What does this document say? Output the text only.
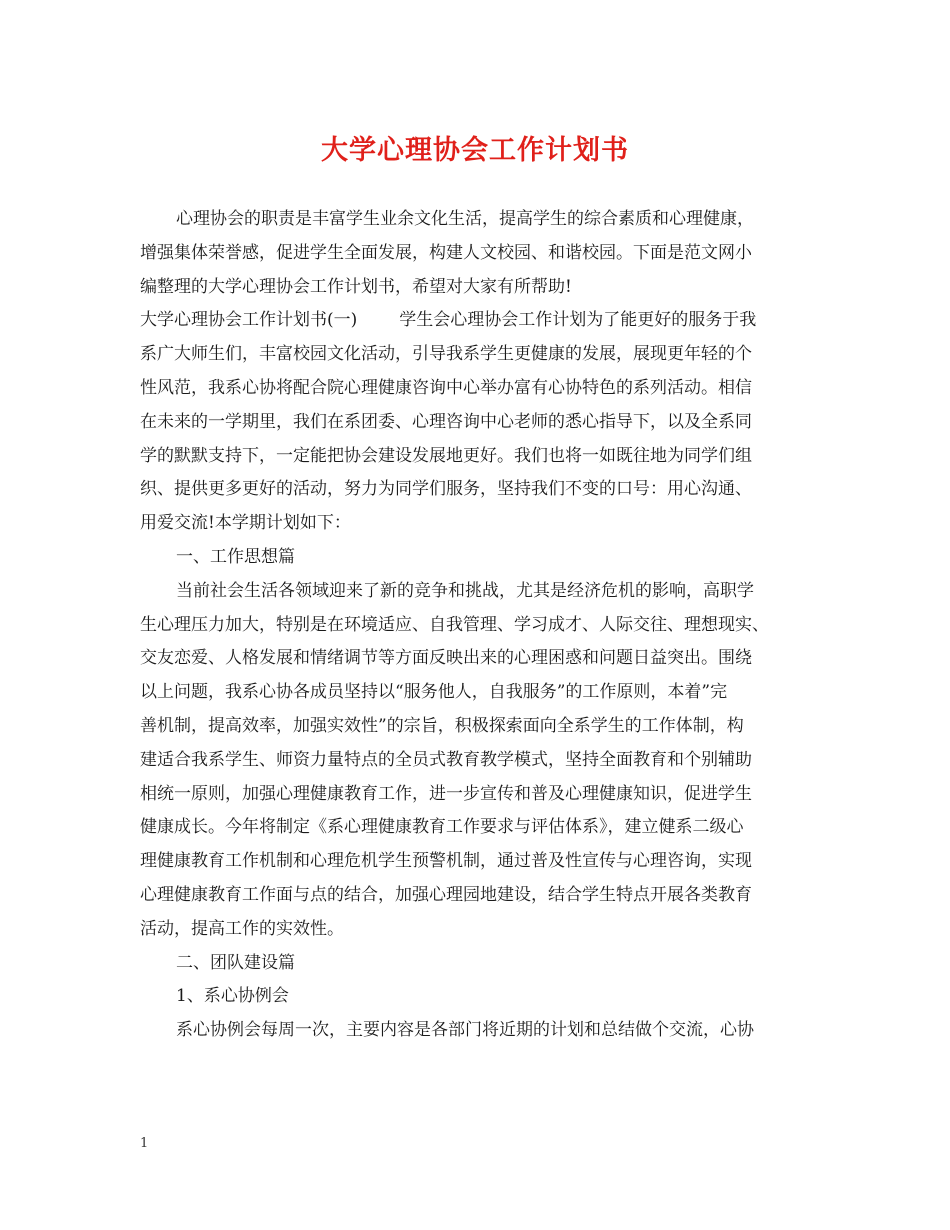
大学心理协会工作计划书

心理协会的职责是丰富学生业余文化生活，提高学生的综合素质和心理健康，

增强集体荣誉感，促进学生全面发展，构建人文校园、和谐校园。下面是范文网小

编整理的大学心理协会工作计划书，希望对大家有所帮助!

大学心理协会工作计划书(一) 学生会心理协会工作计划为了能更好的服务于我

系广大师生们，丰富校园文化活动，引导我系学生更健康的发展，展现更年轻的个

性风范，我系心协将配合院心理健康咨询中心举办富有心协特色的系列活动。相信

在未来的一学期里，我们在系团委、心理咨询中心老师的悉心指导下，以及全系同

学的默默支持下，一定能把协会建设发展地更好。我们也将一如既往地为同学们组

织、提供更多更好的活动，努力为同学们服务，坚持我们不变的口号：用心沟通、

用爱交流!本学期计划如下：

一、工作思想篇

当前社会生活各领域迎来了新的竞争和挑战，尤其是经济危机的影响，高职学

生心理压力加大，特别是在环境适应、自我管理、学习成才、人际交往、理想现实、

交友恋爱、人格发展和情绪调节等方面反映出来的心理困惑和问题日益突出。围绕

以上问题，我系心协各成员坚持以“服务他人，自我服务”的工作原则，本着”完

善机制，提高效率，加强实效性”的宗旨，积极探索面向全系学生的工作体制，构

建适合我系学生、师资力量特点的全员式教育教学模式，坚持全面教育和个别辅助

相统一原则，加强心理健康教育工作，进一步宣传和普及心理健康知识，促进学生

健康成长。今年将制定《系心理健康教育工作要求与评估体系》，建立健系二级心

理健康教育工作机制和心理危机学生预警机制，通过普及性宣传与心理咨询，实现

心理健康教育工作面与点的结合，加强心理园地建设，结合学生特点开展各类教育

活动，提高工作的实效性。

二、团队建设篇

1、系心协例会

系心协例会每周一次，主要内容是各部门将近期的计划和总结做个交流，心协

1
